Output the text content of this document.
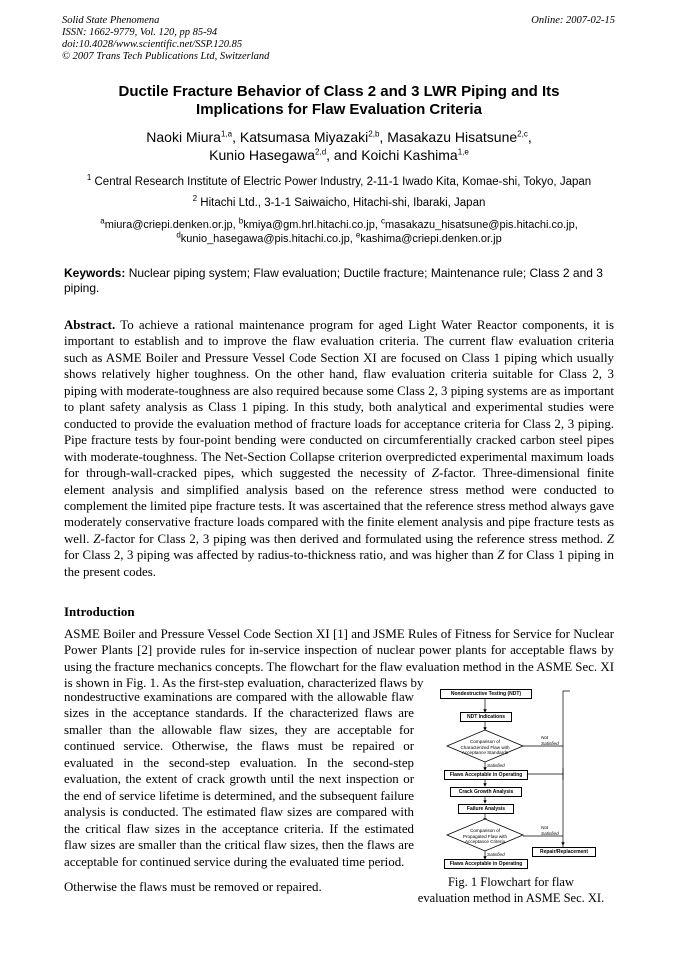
Solid State Phenomena
ISSN: 1662-9779, Vol. 120, pp 85-94
doi:10.4028/www.scientific.net/SSP.120.85
© 2007 Trans Tech Publications Ltd, Switzerland
Online: 2007-02-15
Ductile Fracture Behavior of Class 2 and 3 LWR Piping and Its
Implications for Flaw Evaluation Criteria
Naoki Miura$^{1,a}$, Katsumasa Miyazaki$^{2,b}$, Masakazu Hisatsune$^{2,c}$,
Kunio Hasegawa$^{2,d}$, and Koichi Kashima$^{1,e}$
$^1$ Central Research Institute of Electric Power Industry, 2-11-1 Iwado Kita, Komae-shi, Tokyo, Japan
$^2$ Hitachi Ltd., 3-1-1 Saiwaicho, Hitachi-shi, Ibaraki, Japan
$^a$miura@criepi.denken.or.jp, $^b$kmiya@gm.hrl.hitachi.co.jp, $^c$masakazu_hisatsune@pis.hitachi.co.jp,
$^d$kunio_hasegawa@pis.hitachi.co.jp, $^e$kashima@criepi.denken.or.jp
Keywords: Nuclear piping system; Flaw evaluation; Ductile fracture; Maintenance rule; Class 2 and 3 piping.

Abstract. To achieve a rational maintenance program for aged Light Water Reactor components, it is important to establish and to improve the flaw evaluation criteria. The current flaw evaluation criteria such as ASME Boiler and Pressure Vessel Code Section XI are focused on Class 1 piping which usually shows relatively higher toughness. On the other hand, flaw evaluation criteria suitable for Class 2, 3 piping with moderate-toughness are also required because some Class 2, 3 piping systems are as important to plant safety analysis as Class 1 piping. In this study, both analytical and experimental studies were conducted to provide the evaluation method of fracture loads for acceptance criteria for Class 2, 3 piping. Pipe fracture tests by four-point bending were conducted on circumferentially cracked carbon steel pipes with moderate-toughness. The Net-Section Collapse criterion overpredicted experimental maximum loads for through-wall-cracked pipes, which suggested the necessity of Z-factor. Three-dimensional finite element analysis and simplified analysis based on the reference stress method were conducted to complement the limited pipe fracture tests. It was ascertained that the reference stress method always gave moderately conservative fracture loads compared with the finite element analysis and pipe fracture tests as well. Z-factor for Class 2, 3 piping was then derived and formulated using the reference stress method. Z for Class 2, 3 piping was affected by radius-to-thickness ratio, and was higher than Z for Class 1 piping in the present codes.

Introduction

ASME Boiler and Pressure Vessel Code Section XI [1] and JSME Rules of Fitness for Service for Nuclear Power Plants [2] provide rules for in-service inspection of nuclear power plants for acceptable flaws by using the fracture mechanics concepts. The flowchart for the flaw evaluation method in the ASME Sec. XI is shown in Fig. 1. As the first-step evaluation, characterized flaws by

nondestructive examinations are compared with the allowable flaw sizes in the acceptance standards. If the characterized flaws are smaller than the allowable flaw sizes, they are acceptable for continued service. Otherwise, the flaws must be repaired or evaluated in the second-step evaluation. In the second-step evaluation, the extent of crack growth until the next inspection or the end of service lifetime is determined, and the subsequent failure analysis is conducted. The estimated flaw sizes are compared with the critical flaw sizes in the acceptance criteria. If the estimated flaw sizes are smaller than the critical flaw sizes, then the flaws are acceptable for continued service during the evaluated time period.

Otherwise the flaws must be removed or repaired.
Nondestructive Testing (NDT)
NDT Indications
Comparison of Characterized Flaw with Acceptance Standards
Satisfied
Not Satisfied
Flaws Acceptable in Operating
Crack Growth Analysis
Failure Analysis
Comparison of Propagated Flaw with Acceptance Criteria
Satisfied
Not Satisfied
Repair/Replacement
Flaws Acceptable in Operating
Fig. 1 Flowchart for flaw
evaluation method in ASME Sec. XI.
